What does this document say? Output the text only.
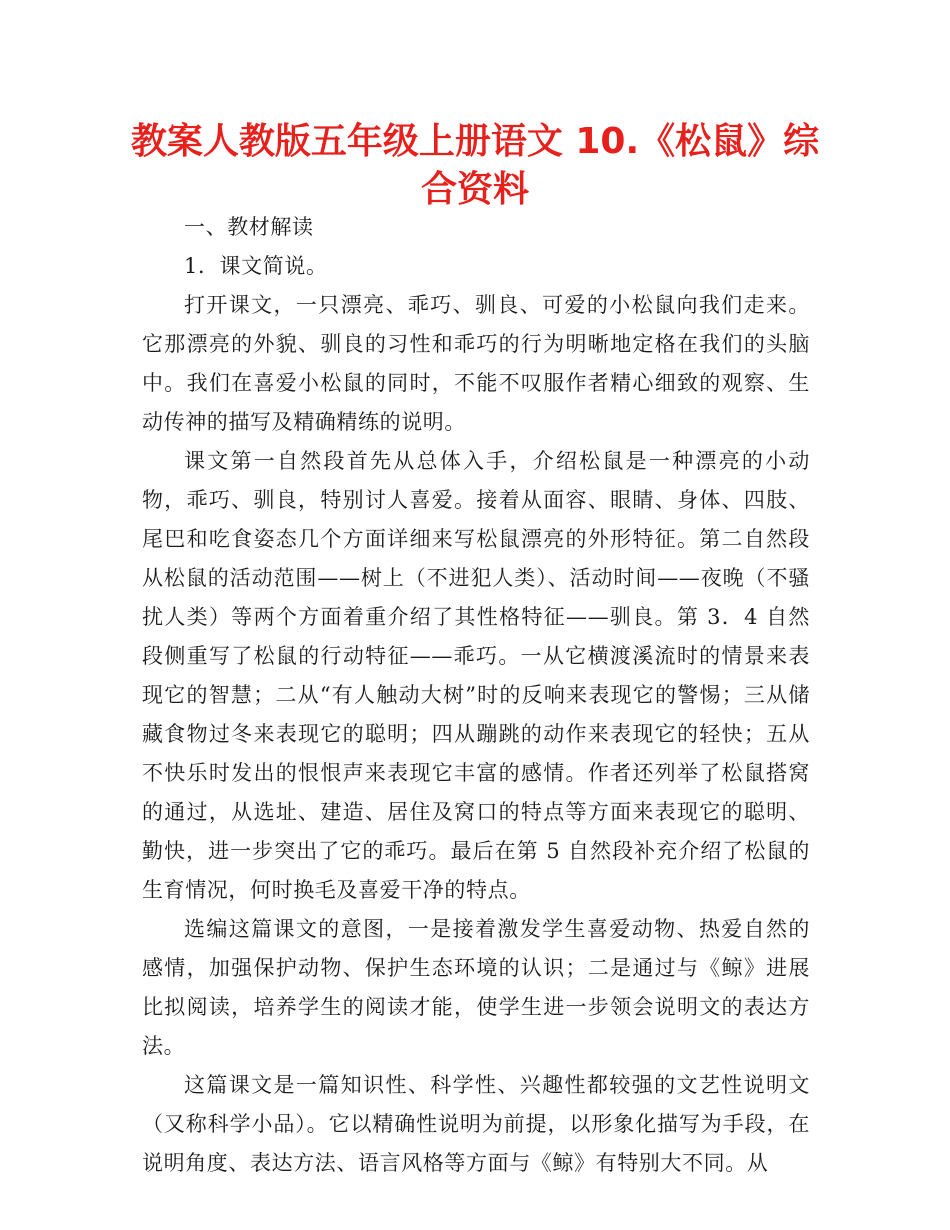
教案人教版五年级上册语文 10.《松鼠》综合资料

一、教材解读

1．课文简说。

打开课文，一只漂亮、乖巧、驯良、可爱的小松鼠向我们走来。它那漂亮的外貌、驯良的习性和乖巧的行为明晰地定格在我们的头脑中。我们在喜爱小松鼠的同时，不能不叹服作者精心细致的观察、生动传神的描写及精确精练的说明。

课文第一自然段首先从总体入手，介绍松鼠是一种漂亮的小动物，乖巧、驯良，特别讨人喜爱。接着从面容、眼睛、身体、四肢、尾巴和吃食姿态几个方面详细来写松鼠漂亮的外形特征。第二自然段从松鼠的活动范围——树上（不进犯人类）、活动时间——夜晚（不骚扰人类）等两个方面着重介绍了其性格特征——驯良。第 3．4 自然段侧重写了松鼠的行动特征——乖巧。一从它横渡溪流时的情景来表现它的智慧；二从“有人触动大树”时的反响来表现它的警惕；三从储藏食物过冬来表现它的聪明；四从蹦跳的动作来表现它的轻快；五从不快乐时发出的恨恨声来表现它丰富的感情。作者还列举了松鼠搭窝的通过，从选址、建造、居住及窝口的特点等方面来表现它的聪明、勤快，进一步突出了它的乖巧。最后在第 5 自然段补充介绍了松鼠的生育情况，何时换毛及喜爱干净的特点。

选编这篇课文的意图，一是接着激发学生喜爱动物、热爱自然的感情，加强保护动物、保护生态环境的认识；二是通过与《鲸》进展比拟阅读，培养学生的阅读才能，使学生进一步领会说明文的表达方法。

这篇课文是一篇知识性、科学性、兴趣性都较强的文艺性说明文（又称科学小品）。它以精确性说明为前提，以形象化描写为手段，在说明角度、表达方法、语言风格等方面与《鲸》有特别大不同。从
